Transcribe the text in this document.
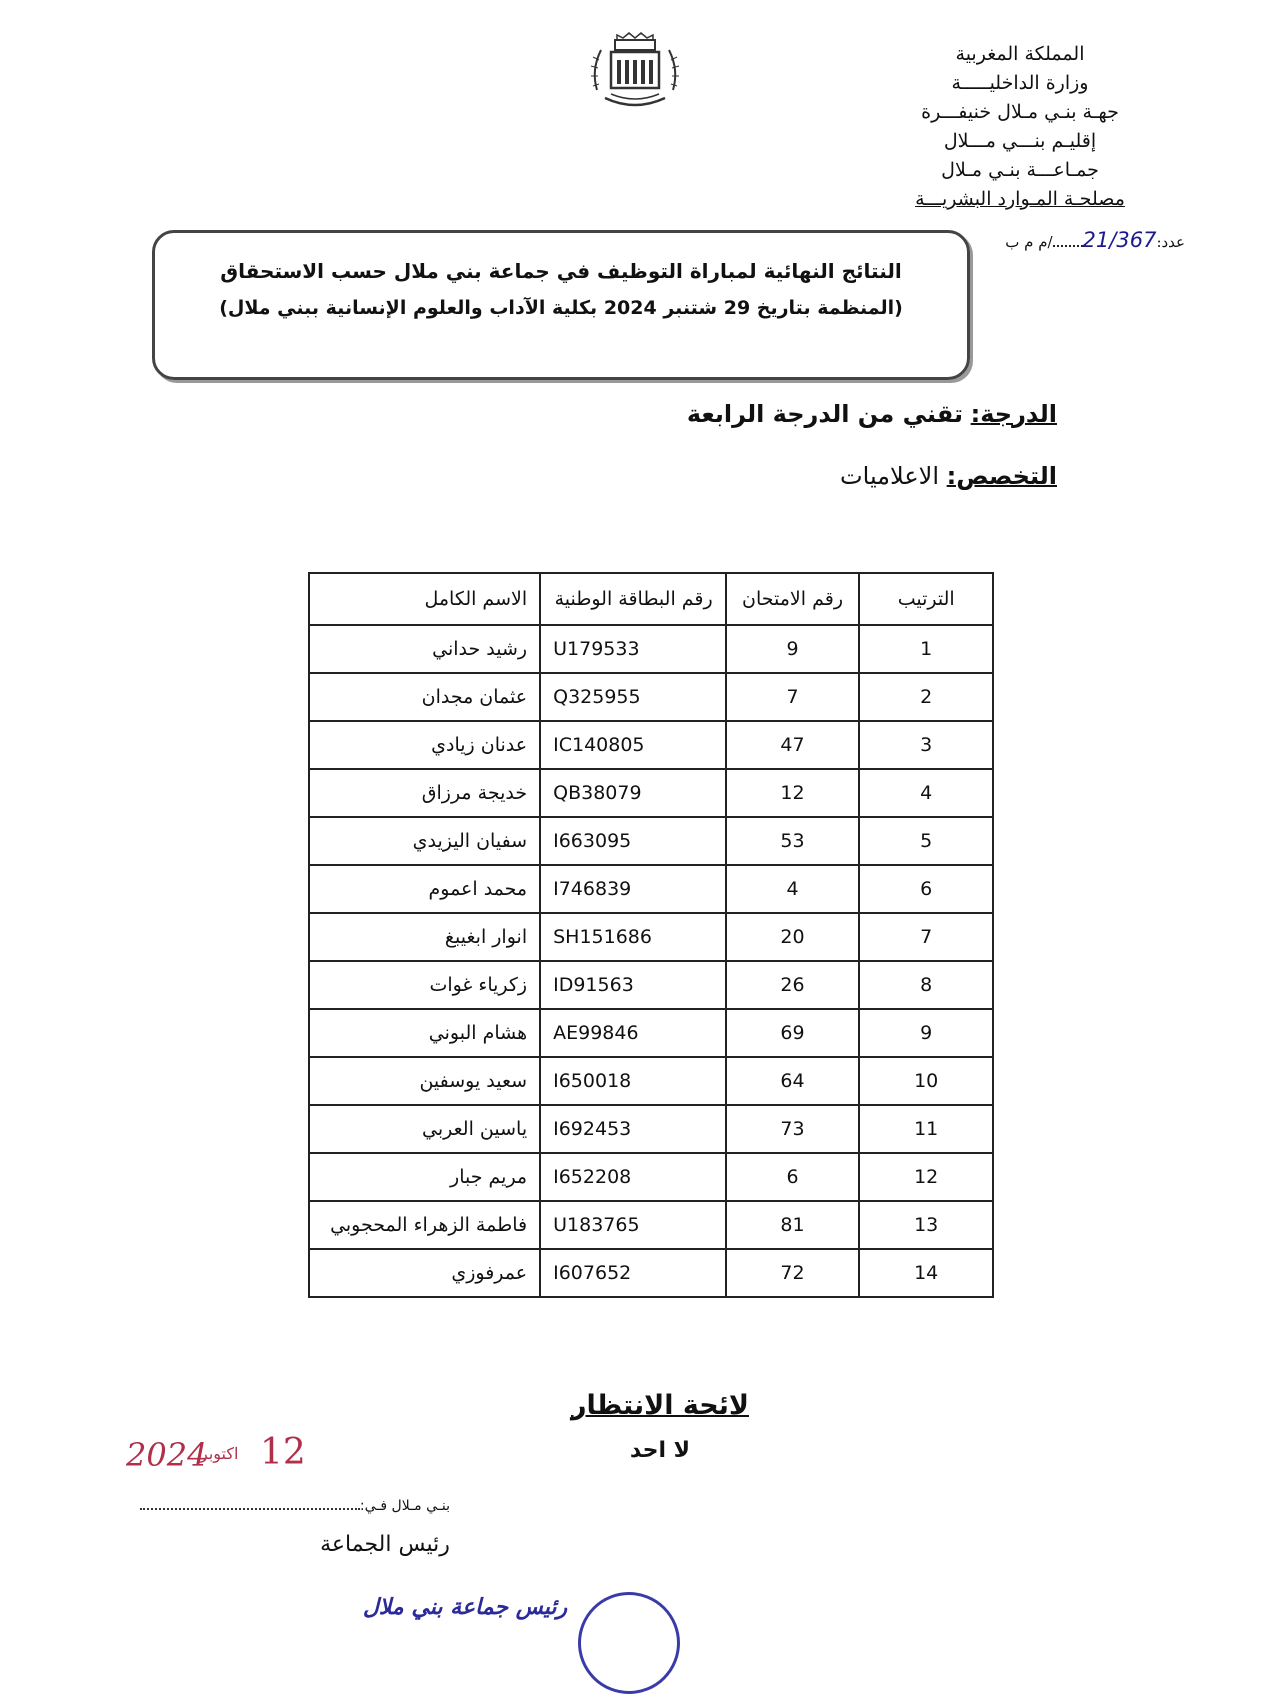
المملكة المغربية
وزارة الداخليـــــة
جهـة بنـي مـلال خنيفـــرة
إقليـم بنـــي مـــلال
جمـاعـــة بنـي مـلال
مصلحـة المـوارد البشريـــة
عدد:21/367/م م ب
النتائج النهائية لمباراة التوظيف في جماعة بني ملال حسب الاستحقاق
(المنظمة بتاريخ 29 شتنبر 2024 بكلية الآداب والعلوم الإنسانية ببني ملال)
الدرجة: تقني من الدرجة الرابعة
التخصص: الاعلاميات
الترتيب	رقم الامتحان	رقم البطاقة الوطنية	الاسم الكامل
1	9	U179533	رشيد حداني
2	7	Q325955	عثمان مجدان
3	47	IC140805	عدنان زيادي
4	12	QB38079	خديجة مرزاق
5	53	I663095	سفيان اليزيدي
6	4	I746839	محمد اعموم
7	20	SH151686	انوار ابغيبغ
8	26	ID91563	زكرياء غوات
9	69	AE99846	هشام البوني
10	64	I650018	سعيد يوسفين
11	73	I692453	ياسين العربي
12	6	I652208	مريم جبار
13	81	U183765	فاطمة الزهراء المحجوبي
14	72	I607652	عمرفوزي
لائحة الانتظار
لا احد
12
اكتوبر
2024
بنـي مـلال فـي:
رئيس الجماعة
رئيس جماعة بني ملال
